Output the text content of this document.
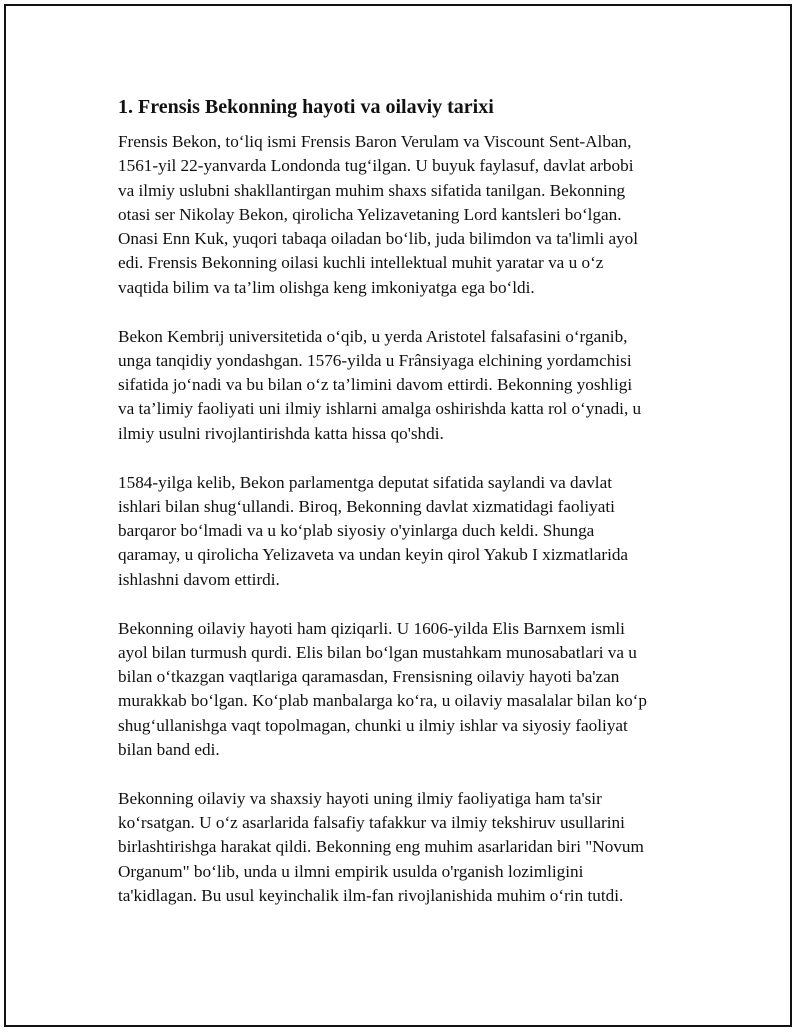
1. Frensis Bekonning hayoti va oilaviy tarixi

Frensis Bekon, to‘liq ismi Frensis Baron Verulam va Viscount Sent-Alban,
1561-yil 22-yanvarda Londonda tug‘ilgan. U buyuk faylasuf, davlat arbobi
va ilmiy uslubni shakllantirgan muhim shaxs sifatida tanilgan. Bekonning
otasi ser Nikolay Bekon, qirolicha Yelizavetaning Lord kantsleri bo‘lgan.
Onasi Enn Kuk, yuqori tabaqa oiladan bo‘lib, juda bilimdon va ta'limli ayol
edi. Frensis Bekonning oilasi kuchli intellektual muhit yaratar va u o‘z
vaqtida bilim va ta’lim olishga keng imkoniyatga ega bo‘ldi.

Bekon Kembrij universitetida o‘qib, u yerda Aristotel falsafasini o‘rganib,
unga tanqidiy yondashgan. 1576-yilda u Frânsiyaga elchining yordamchisi
sifatida jo‘nadi va bu bilan o‘z ta’limini davom ettirdi. Bekonning yoshligi
va ta’limiy faoliyati uni ilmiy ishlarni amalga oshirishda katta rol o‘ynadi, u
ilmiy usulni rivojlantirishda katta hissa qo'shdi.

1584-yilga kelib, Bekon parlamentga deputat sifatida saylandi va davlat
ishlari bilan shug‘ullandi. Biroq, Bekonning davlat xizmatidagi faoliyati
barqaror bo‘lmadi va u ko‘plab siyosiy o'yinlarga duch keldi. Shunga
qaramay, u qirolicha Yelizaveta va undan keyin qirol Yakub I xizmatlarida
ishlashni davom ettirdi.

Bekonning oilaviy hayoti ham qiziqarli. U 1606-yilda Elis Barnxem ismli
ayol bilan turmush qurdi. Elis bilan bo‘lgan mustahkam munosabatlari va u
bilan o‘tkazgan vaqtlariga qaramasdan, Frensisning oilaviy hayoti ba'zan
murakkab bo‘lgan. Ko‘plab manbalarga ko‘ra, u oilaviy masalalar bilan ko‘p
shug‘ullanishga vaqt topolmagan, chunki u ilmiy ishlar va siyosiy faoliyat
bilan band edi.

Bekonning oilaviy va shaxsiy hayoti uning ilmiy faoliyatiga ham ta'sir
ko‘rsatgan. U o‘z asarlarida falsafiy tafakkur va ilmiy tekshiruv usullarini
birlashtirishga harakat qildi. Bekonning eng muhim asarlaridan biri "Novum
Organum" bo‘lib, unda u ilmni empirik usulda o'rganish lozimligini
ta'kidlagan. Bu usul keyinchalik ilm-fan rivojlanishida muhim o‘rin tutdi.
